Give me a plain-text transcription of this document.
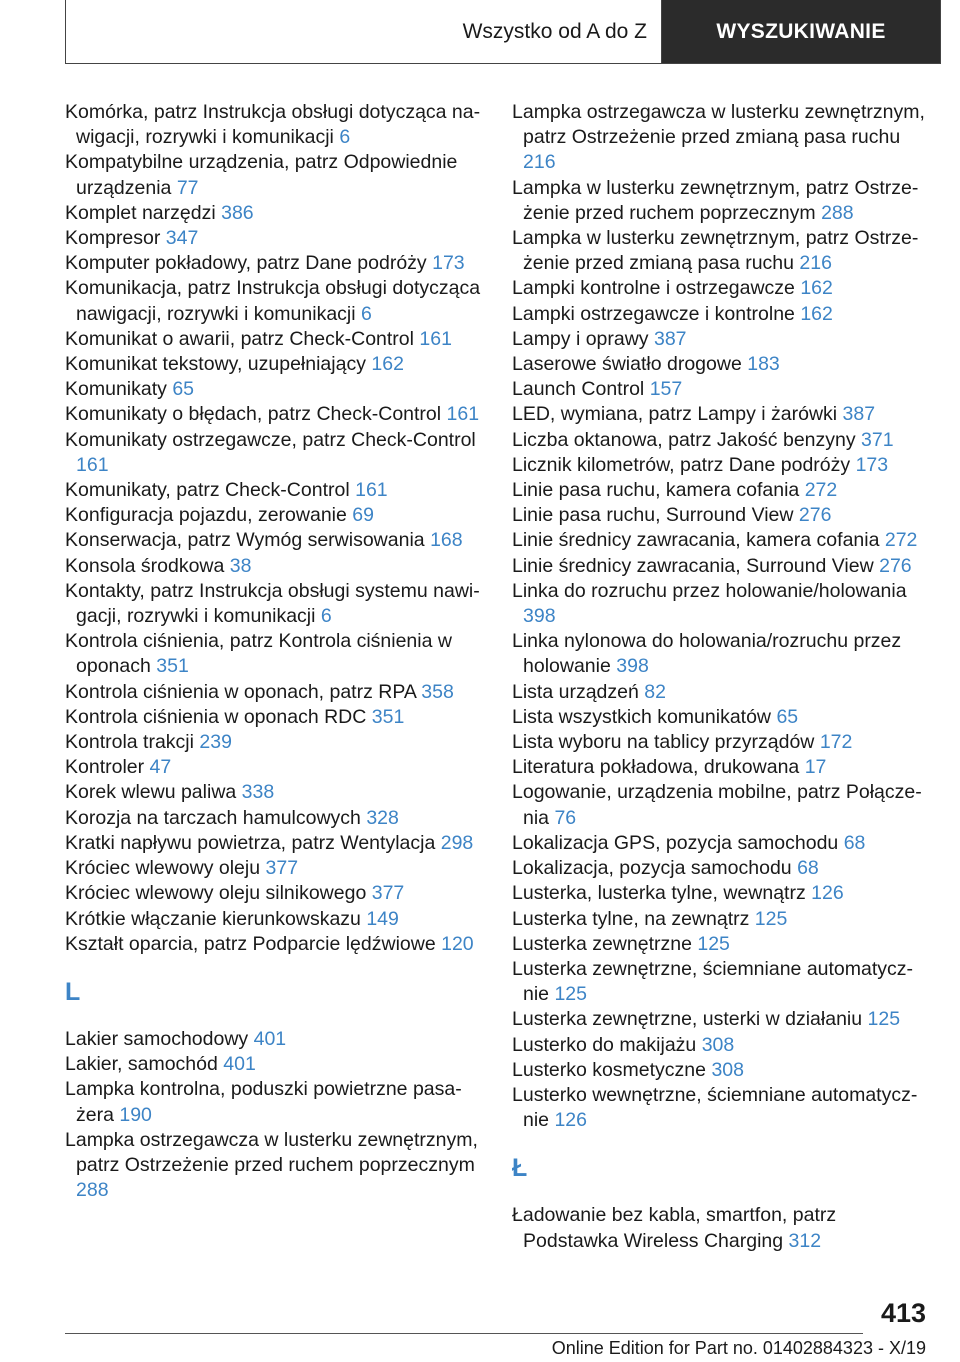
Wszystko od A do Z	WYSZUKIWANIE
Komórka, patrz Instrukcja obsługi dotycząca nawigacji, rozrywki i komunikacji 6
Kompatybilne urządzenia, patrz Odpowiednie urządzenia 77
Komplet narzędzi 386
Kompresor 347
Komputer pokładowy, patrz Dane podróży 173
Komunikacja, patrz Instrukcja obsługi dotycząca nawigacji, rozrywki i komunikacji 6
Komunikat o awarii, patrz Check-Control 161
Komunikat tekstowy, uzupełniający 162
Komunikaty 65
Komunikaty o błędach, patrz Check-Control 161
Komunikaty ostrzegawcze, patrz Check-Control 161
Komunikaty, patrz Check-Control 161
Konfiguracja pojazdu, zerowanie 69
Konserwacja, patrz Wymóg serwisowania 168
Konsola środkowa 38
Kontakty, patrz Instrukcja obsługi systemu nawigacji, rozrywki i komunikacji 6
Kontrola ciśnienia, patrz Kontrola ciśnienia w oponach 351
Kontrola ciśnienia w oponach, patrz RPA 358
Kontrola ciśnienia w oponach RDC 351
Kontrola trakcji 239
Kontroler 47
Korek wlewu paliwa 338
Korozja na tarczach hamulcowych 328
Kratki napływu powietrza, patrz Wentylacja 298
Króciec wlewowy oleju 377
Króciec wlewowy oleju silnikowego 377
Krótkie włączanie kierunkowskazu 149
Kształt oparcia, patrz Podparcie lędźwiowe 120
L
Lakier samochodowy 401
Lakier, samochód 401
Lampka kontrolna, poduszki powietrzne pasażera 190
Lampka ostrzegawcza w lusterku zewnętrznym, patrz Ostrzeżenie przed ruchem poprzecznym 288
Lampka ostrzegawcza w lusterku zewnętrznym, patrz Ostrzeżenie przed zmianą pasa ruchu 216
Lampka w lusterku zewnętrznym, patrz Ostrzeżenie przed ruchem poprzecznym 288
Lampka w lusterku zewnętrznym, patrz Ostrzeżenie przed zmianą pasa ruchu 216
Lampki kontrolne i ostrzegawcze 162
Lampki ostrzegawcze i kontrolne 162
Lampy i oprawy 387
Laserowe światło drogowe 183
Launch Control 157
LED, wymiana, patrz Lampy i żarówki 387
Liczba oktanowa, patrz Jakość benzyny 371
Licznik kilometrów, patrz Dane podróży 173
Linie pasa ruchu, kamera cofania 272
Linie pasa ruchu, Surround View 276
Linie średnicy zawracania, kamera cofania 272
Linie średnicy zawracania, Surround View 276
Linka do rozruchu przez holowanie/holowania 398
Linka nylonowa do holowania/rozruchu przez holowanie 398
Lista urządzeń 82
Lista wszystkich komunikatów 65
Lista wyboru na tablicy przyrządów 172
Literatura pokładowa, drukowana 17
Logowanie, urządzenia mobilne, patrz Połączenia 76
Lokalizacja GPS, pozycja samochodu 68
Lokalizacja, pozycja samochodu 68
Lusterka, lusterka tylne, wewnątrz 126
Lusterka tylne, na zewnątrz 125
Lusterka zewnętrzne 125
Lusterka zewnętrzne, ściemniane automatycznie 125
Lusterka zewnętrzne, usterki w działaniu 125
Lusterko do makijażu 308
Lusterko kosmetyczne 308
Lusterko wewnętrzne, ściemniane automatycznie 126
Ł
Ładowanie bez kabla, smartfon, patrz Podstawka Wireless Charging 312
413
Online Edition for Part no. 01402884323 - X/19
